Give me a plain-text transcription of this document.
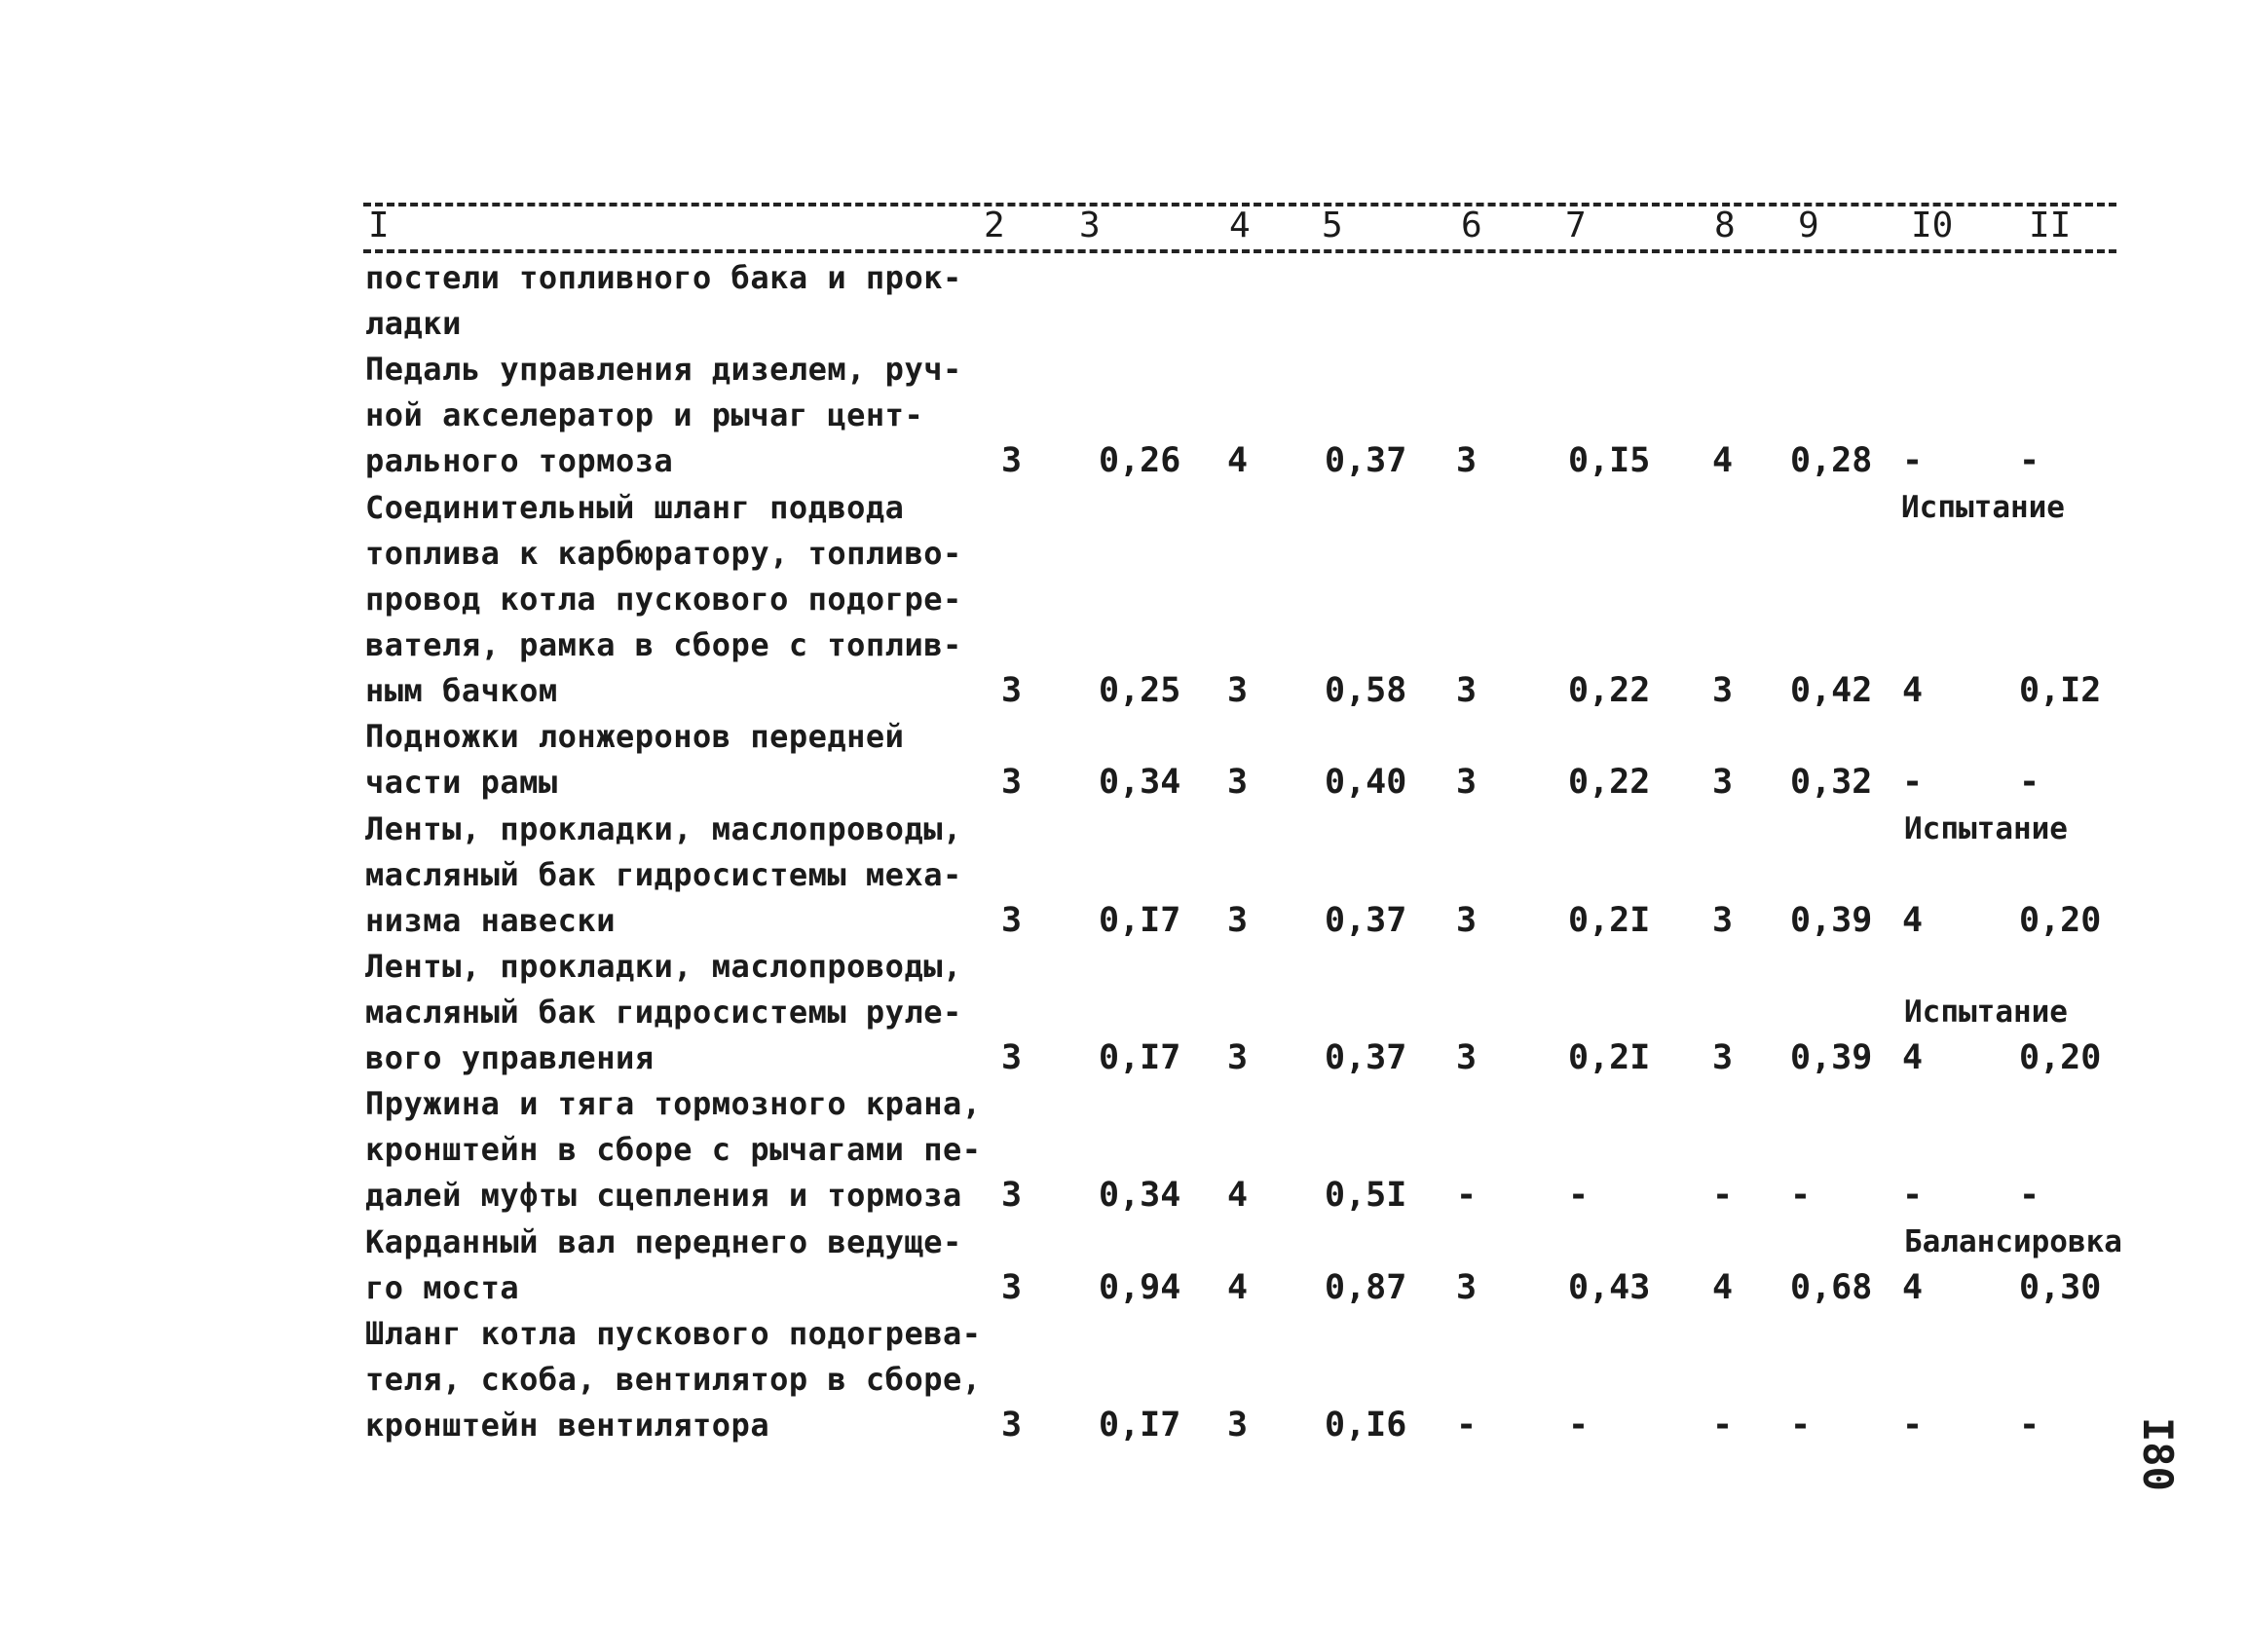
I	2 3	4 5	6 7	8 9	I0 II
постели топливного бака и прок-
ладки
Педаль управления дизелем, руч-
ной акселератор и рычаг цент-
рального тормоза	3 0,26 4 0,37 3	0,I5 4 0,28 -	-
Соединительный шланг подвода	Испытание
топлива к карбюратору, топливо-
провод котла пускового подогре-
вателя, рамка в сборе с топлив-
ным бачком	3 0,25 3 0,58 3	0,22 3 0,42 4	0,I2
Подножки лонжеронов передней
части рамы	3 0,34 3 0,40 3	0,22 3 0,32 -	-
Ленты, прокладки, маслопроводы,	Испытание
масляный бак гидросистемы меха-
низма навески	3 0,I7 3 0,37 3	0,2I 3 0,39 4	0,20
Ленты, прокладки, маслопроводы,
масляный бак гидросистемы руле-	Испытание
вого управления	3 0,I7 3 0,37 3	0,2I 3 0,39 4	0,20
Пружина и тяга тормозного крана,
кронштейн в сборе с рычагами пе-
далей муфты сцепления и тормоза 3 0,34 4 0,5I -	-	- -	-	-
Карданный вал переднего ведуще-	Балансировка
го моста	3 0,94 4 0,87 3	0,43 4 0,68 4	0,30
Шланг котла пускового подогрева-
теля, скоба, вентилятор в сборе,
кронштейн вентилятора	3 0,I7 3 0,I6 -	-	- -	-	- I80
